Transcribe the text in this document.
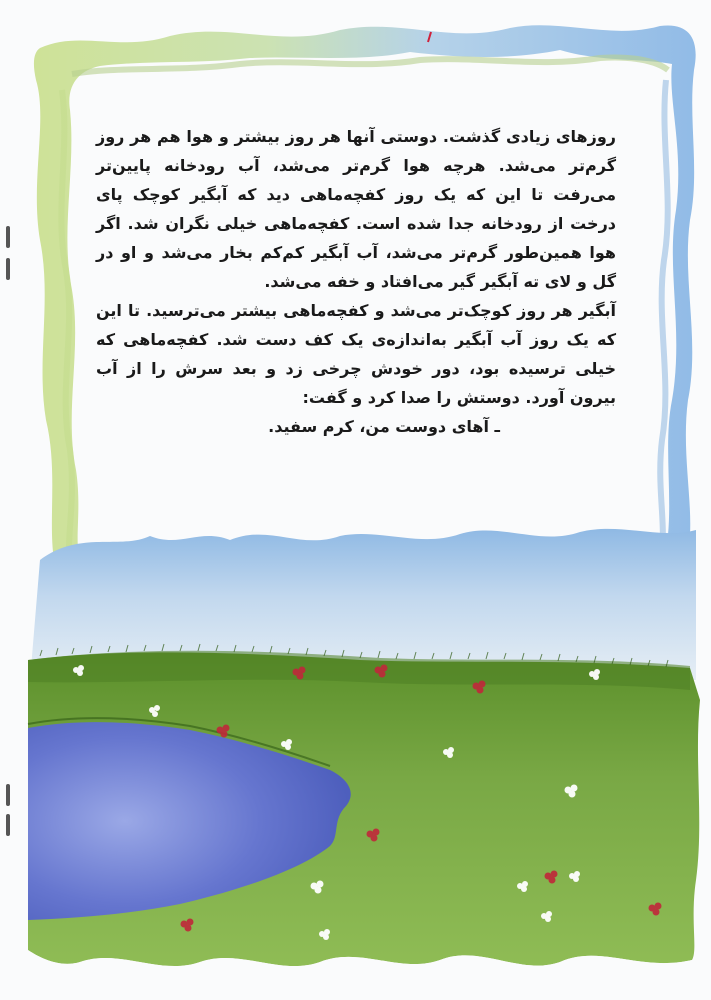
روزهای زیادی گذشت. دوستی آنها هر روز بیشتر و هوا هم هر روز گرم‌تر می‌شد. هرچه هوا گرم‌تر می‌شد، آب رودخانه پایین‌تر می‌رفت تا این که یک روز کفچه‌ماهی دید که آبگیر کوچک پای درخت از رودخانه جدا شده است. کفچه‌ماهی خیلی نگران شد. اگر هوا همین‌طور گرم‌تر می‌شد، آب آبگیر کم‌کم بخار می‌شد و او در گل و لای ته آبگیر گیر می‌افتاد و خفه می‌شد.

آبگیر هر روز کوچک‌تر می‌شد و کفچه‌ماهی بیشتر می‌ترسید. تا این که یک روز آب آبگیر به‌اندازه‌ی یک کف دست شد. کفچه‌ماهی که خیلی ترسیده بود، دور خودش چرخی زد و بعد سرش را از آب بیرون آورد. دوستش را صدا کرد و گفت:

ـ آهای دوست من، کرم سفید.
